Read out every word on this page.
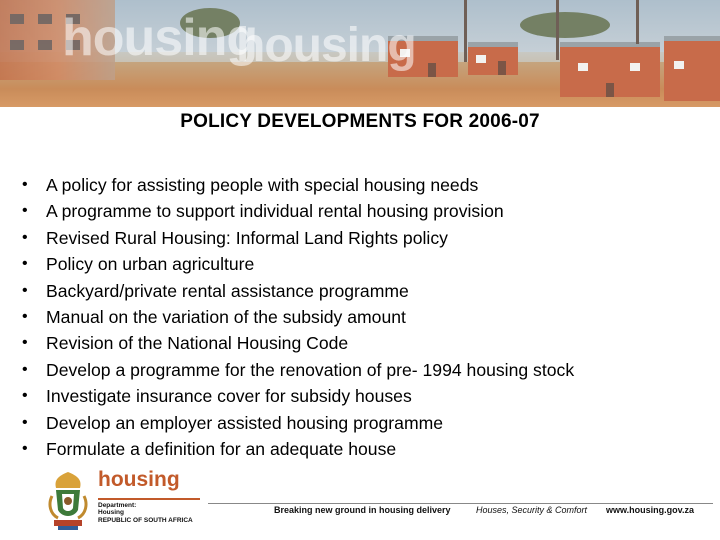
housing
housing
POLICY DEVELOPMENTS FOR 2006-07
•	A policy for assisting people with special housing needs
•	A programme to support individual rental housing provision
•	Revised Rural Housing: Informal Land Rights policy
•	Policy on urban agriculture
•	Backyard/private rental assistance programme
•	Manual on the variation of the subsidy amount
•	Revision of the National Housing Code
•	Develop a programme for the renovation of pre- 1994 housing stock
•	Investigate insurance cover for subsidy houses
•	Develop an employer assisted housing programme
•	Formulate a definition for an adequate house
housing
Department:
Housing
REPUBLIC OF SOUTH AFRICA
Breaking new ground in housing delivery	Houses, Security & Comfort www.housing.gov.za
